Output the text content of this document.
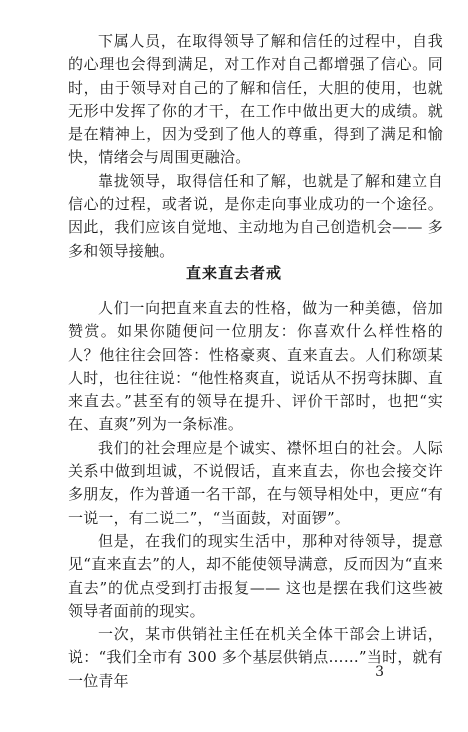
下属人员，在取得领导了解和信任的过程中，自我的心理也会得到满足，对工作对自己都增强了信心。同时，由于领导对自己的了解和信任，大胆的使用，也就无形中发挥了你的才干，在工作中做出更大的成绩。就是在精神上，因为受到了他人的尊重，得到了满足和愉快，情绪会与周围更融洽。

靠拢领导，取得信任和了解，也就是了解和建立自信心的过程，或者说，是你走向事业成功的一个途径。因此，我们应该自觉地、主动地为自己创造机会—— 多多和领导接触。

直来直去者戒

人们一向把直来直去的性格，做为一种美德，倍加赞赏。如果你随便问一位朋友：你喜欢什么样性格的人？他往往会回答：性格豪爽、直来直去。人们称颂某人时，也往往说：“他性格爽直，说话从不拐弯抹脚、直来直去。”甚至有的领导在提升、评价干部时，也把“实在、直爽”列为一条标准。

我们的社会理应是个诚实、襟怀坦白的社会。人际关系中做到坦诚，不说假话，直来直去，你也会接交许多朋友，作为普通一名干部，在与领导相处中，更应“有一说一，有二说二”，“当面鼓，对面锣”。

但是，在我们的现实生活中，那种对待领导，提意见“直来直去”的人，却不能使领导满意，反而因为“直来直去”的优点受到打击报复—— 这也是摆在我们这些被领导者面前的现实。

一次，某市供销社主任在机关全体干部会上讲话，说：“我们全市有 300 多个基层供销点……”当时，就有一位青年	3
